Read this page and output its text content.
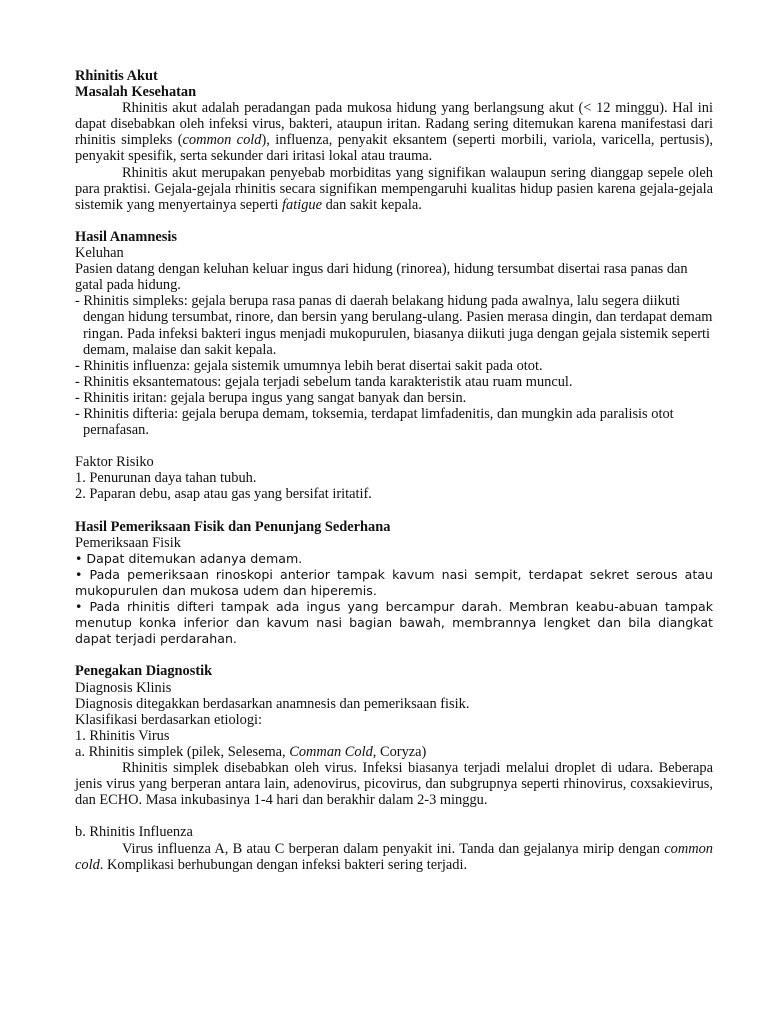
Rhinitis Akut
Masalah Kesehatan

Rhinitis akut adalah peradangan pada mukosa hidung yang berlangsung akut (< 12 minggu). Hal ini dapat disebabkan oleh infeksi virus, bakteri, ataupun iritan. Radang sering ditemukan karena manifestasi dari rhinitis simpleks (common cold), influenza, penyakit eksantem (seperti morbili, variola, varicella, pertusis), penyakit spesifik, serta sekunder dari iritasi lokal atau trauma.

Rhinitis akut merupakan penyebab morbiditas yang signifikan walaupun sering dianggap sepele oleh para praktisi. Gejala-gejala rhinitis secara signifikan mempengaruhi kualitas hidup pasien karena gejala-gejala sistemik yang menyertainya seperti fatigue dan sakit kepala.

Hasil Anamnesis
Keluhan

Pasien datang dengan keluhan keluar ingus dari hidung (rinorea), hidung tersumbat disertai rasa panas dan gatal pada hidung.

- Rhinitis simpleks: gejala berupa rasa panas di daerah belakang hidung pada awalnya, lalu segera diikuti dengan hidung tersumbat, rinore, dan bersin yang berulang-ulang. Pasien merasa dingin, dan terdapat demam ringan. Pada infeksi bakteri ingus menjadi mukopurulen, biasanya diikuti juga dengan gejala sistemik seperti demam, malaise dan sakit kepala.

- Rhinitis influenza: gejala sistemik umumnya lebih berat disertai sakit pada otot.

- Rhinitis eksantematous: gejala terjadi sebelum tanda karakteristik atau ruam muncul.

- Rhinitis iritan: gejala berupa ingus yang sangat banyak dan bersin.

- Rhinitis difteria: gejala berupa demam, toksemia, terdapat limfadenitis, dan mungkin ada paralisis otot pernafasan.

Faktor Risiko
1. Penurunan daya tahan tubuh.
2. Paparan debu, asap atau gas yang bersifat iritatif.
Hasil Pemeriksaan Fisik dan Penunjang Sederhana
Pemeriksaan Fisik

• Dapat ditemukan adanya demam.

• Pada pemeriksaan rinoskopi anterior tampak kavum nasi sempit, terdapat sekret serous atau mukopurulen dan mukosa udem dan hiperemis.

• Pada rhinitis difteri tampak ada ingus yang bercampur darah. Membran keabu-abuan tampak menutup konka inferior dan kavum nasi bagian bawah, membrannya lengket dan bila diangkat dapat terjadi perdarahan.

Penegakan Diagnostik
Diagnosis Klinis
Diagnosis ditegakkan berdasarkan anamnesis dan pemeriksaan fisik.
Klasifikasi berdasarkan etiologi:
1. Rhinitis Virus
a. Rhinitis simplek (pilek, Selesema, Comman Cold, Coryza)

Rhinitis simplek disebabkan oleh virus. Infeksi biasanya terjadi melalui droplet di udara. Beberapa jenis virus yang berperan antara lain, adenovirus, picovirus, dan subgrupnya seperti rhinovirus, coxsakievirus, dan ECHO. Masa inkubasinya 1-4 hari dan berakhir dalam 2-3 minggu.

b. Rhinitis Influenza

Virus influenza A, B atau C berperan dalam penyakit ini. Tanda dan gejalanya mirip dengan common cold. Komplikasi berhubungan dengan infeksi bakteri sering terjadi.
